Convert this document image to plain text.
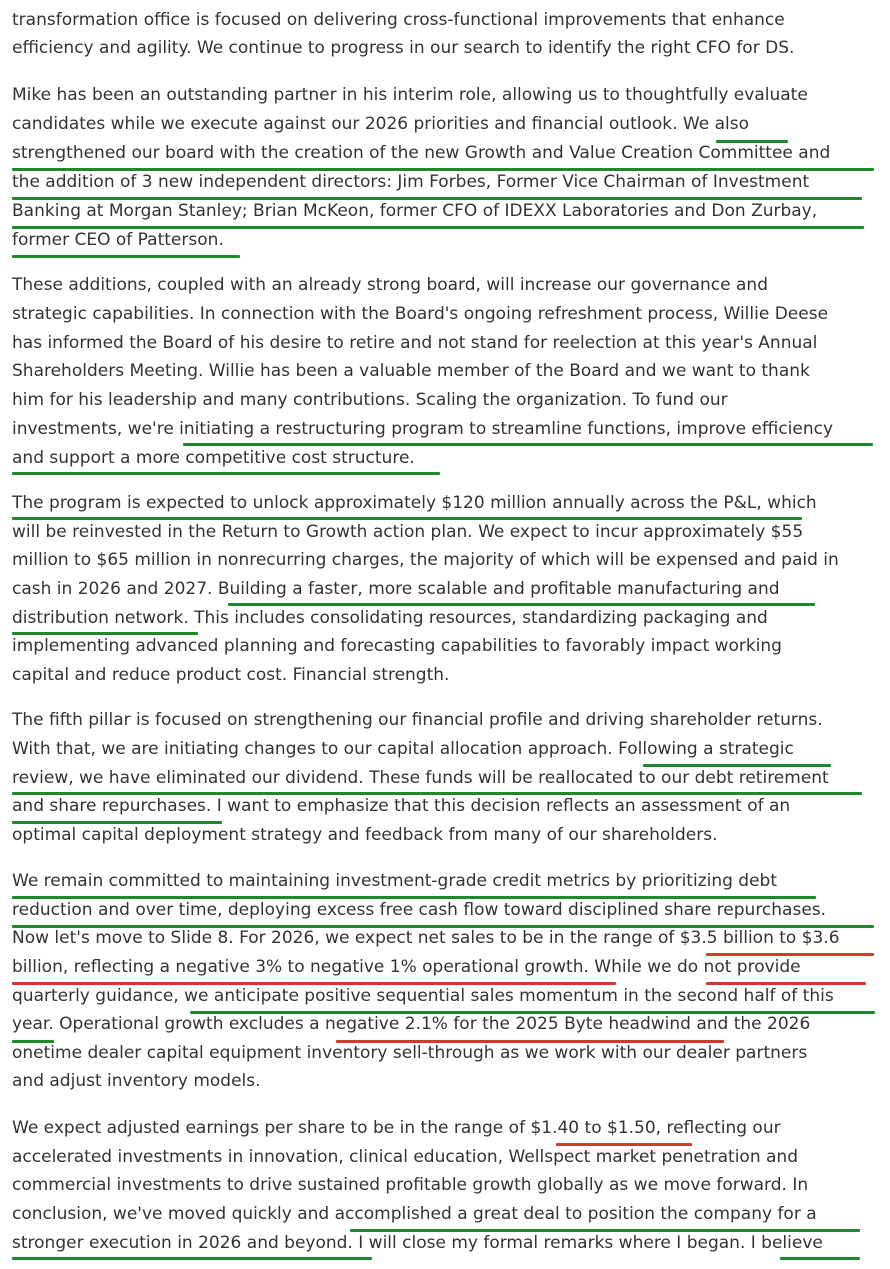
transformation office is focused on delivering cross-functional improvements that enhance
efficiency and agility. We continue to progress in our search to identify the right CFO for DS.
Mike has been an outstanding partner in his interim role, allowing us to thoughtfully evaluate
candidates while we execute against our 2026 priorities and financial outlook. We also
strengthened our board with the creation of the new Growth and Value Creation Committee and
the addition of 3 new independent directors: Jim Forbes, Former Vice Chairman of Investment
Banking at Morgan Stanley; Brian McKeon, former CFO of IDEXX Laboratories and Don Zurbay,
former CEO of Patterson.
These additions, coupled with an already strong board, will increase our governance and
strategic capabilities. In connection with the Board's ongoing refreshment process, Willie Deese
has informed the Board of his desire to retire and not stand for reelection at this year's Annual
Shareholders Meeting. Willie has been a valuable member of the Board and we want to thank
him for his leadership and many contributions. Scaling the organization. To fund our
investments, we're initiating a restructuring program to streamline functions, improve efficiency
and support a more competitive cost structure.
The program is expected to unlock approximately $120 million annually across the P&L, which
will be reinvested in the Return to Growth action plan. We expect to incur approximately $55
million to $65 million in nonrecurring charges, the majority of which will be expensed and paid in
cash in 2026 and 2027. Building a faster, more scalable and profitable manufacturing and
distribution network. This includes consolidating resources, standardizing packaging and
implementing advanced planning and forecasting capabilities to favorably impact working
capital and reduce product cost. Financial strength.
The fifth pillar is focused on strengthening our financial profile and driving shareholder returns.
With that, we are initiating changes to our capital allocation approach. Following a strategic
review, we have eliminated our dividend. These funds will be reallocated to our debt retirement
and share repurchases. I want to emphasize that this decision reflects an assessment of an
optimal capital deployment strategy and feedback from many of our shareholders.
We remain committed to maintaining investment-grade credit metrics by prioritizing debt
reduction and over time, deploying excess free cash flow toward disciplined share repurchases.
Now let's move to Slide 8. For 2026, we expect net sales to be in the range of $3.5 billion to $3.6
billion, reflecting a negative 3% to negative 1% operational growth. While we do not provide
quarterly guidance, we anticipate positive sequential sales momentum in the second half of this
year. Operational growth excludes a negative 2.1% for the 2025 Byte headwind and the 2026
onetime dealer capital equipment inventory sell-through as we work with our dealer partners
and adjust inventory models.
We expect adjusted earnings per share to be in the range of $1.40 to $1.50, reflecting our
accelerated investments in innovation, clinical education, Wellspect market penetration and
commercial investments to drive sustained profitable growth globally as we move forward. In
conclusion, we've moved quickly and accomplished a great deal to position the company for a
stronger execution in 2026 and beyond. I will close my formal remarks where I began. I believe
